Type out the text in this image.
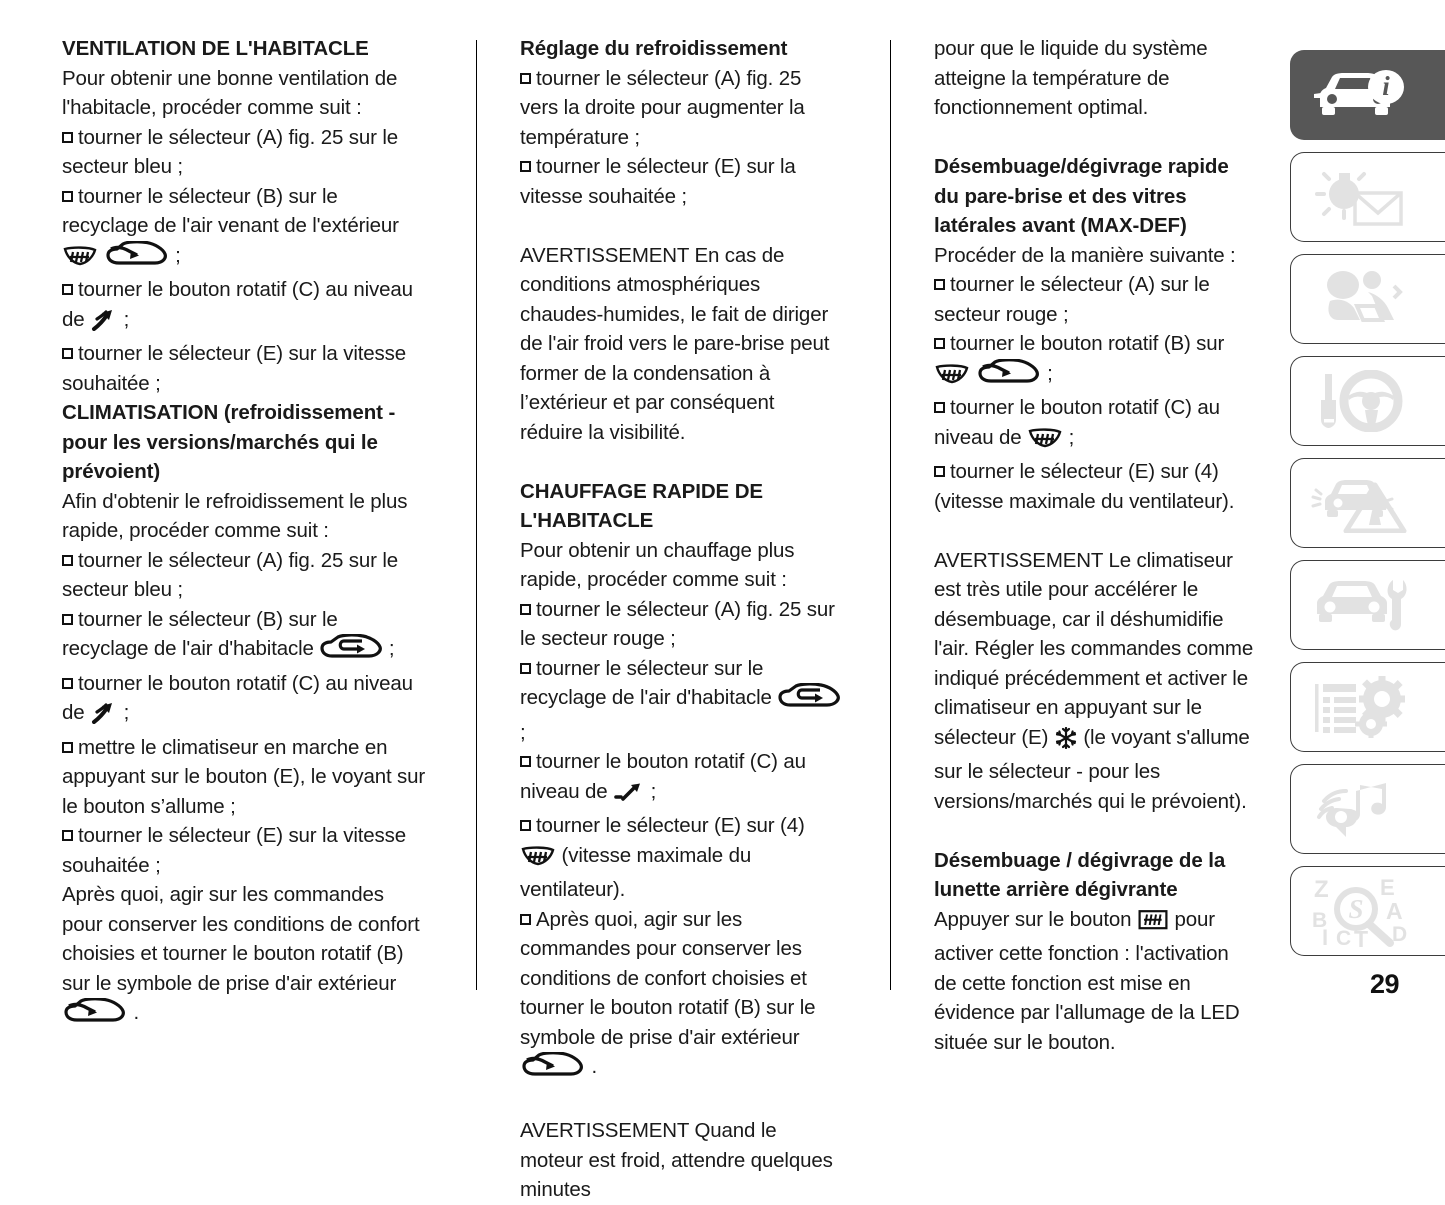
VENTILATION DE L'HABITACLE

Pour obtenir une bonne ventilation de l'habitacle, procéder comme suit :

tourner le sélecteur (A) fig. 25 sur le secteur bleu ;

tourner le sélecteur (B) sur le recyclage de l'air venant de l'extérieur   ;

tourner le bouton rotatif (C) au niveau de ;

tourner le sélecteur (E) sur la vitesse souhaitée ;

CLIMATISATION (refroidissement - pour les versions/marchés qui le prévoient)

Afin d'obtenir le refroidissement le plus rapide, procéder comme suit :

tourner le sélecteur (A) fig. 25 sur le secteur bleu ;

tourner le sélecteur (B) sur le recyclage de l'air d'habitacle	;

tourner le bouton rotatif (C) au niveau de ;

mettre le climatiseur en marche en appuyant sur le bouton (E), le voyant sur le bouton s’allume ;

tourner le sélecteur (E) sur la vitesse souhaitée ;

Après quoi, agir sur les commandes pour conserver les conditions de confort choisies et tourner le bouton rotatif (B) sur le symbole de prise d'air extérieur  .

Réglage du refroidissement

tourner le sélecteur (A) fig. 25 vers la droite pour augmenter la température ;

tourner le sélecteur (E) sur la vitesse souhaitée ;

AVERTISSEMENT En cas de conditions atmosphériques chaudes-humides, le fait de diriger de l'air froid vers le pare-brise peut former de la condensation à l’extérieur et par conséquent réduire la visibilité.

CHAUFFAGE RAPIDE DE L'HABITACLE

Pour obtenir un chauffage plus rapide, procéder comme suit :

tourner le sélecteur (A) fig. 25 sur le secteur rouge ;

tourner le sélecteur sur le recyclage de l'air d'habitacle  ;

tourner le bouton rotatif (C) au niveau de ;

tourner le sélecteur (E) sur (4)  (vitesse maximale du ventilateur).

Après quoi, agir sur les commandes pour conserver les conditions de confort choisies et tourner le bouton rotatif (B) sur le symbole de prise d'air extérieur  .

AVERTISSEMENT Quand le moteur est froid, attendre quelques minutes

pour que le liquide du système atteigne la température de fonctionnement optimal.

Désembuage/dégivrage rapide du pare-brise et des vitres latérales avant (MAX-DEF)

Procéder de la manière suivante :

tourner le sélecteur (A) sur le secteur rouge ;

tourner le bouton rotatif (B) sur   ;

tourner le bouton rotatif (C) au niveau de ;

tourner le sélecteur (E) sur (4) (vitesse maximale du ventilateur).

AVERTISSEMENT Le climatiseur est très utile pour accélérer le désembuage, car il déshumidifie l'air. Régler les commandes comme indiqué précédemment et activer le climatiseur en appuyant sur le sélecteur (E) (le voyant s'allume sur le sélecteur - pour les versions/marchés qui le prévoient).

Désembuage / dégivrage de la lunette arrière dégivrante

Appuyer sur le bouton pour activer cette fonction : l'activation de cette fonction est mise en évidence par l'allumage de la LED située sur le bouton.

i
Z E
B	A
I C T D
S
29
